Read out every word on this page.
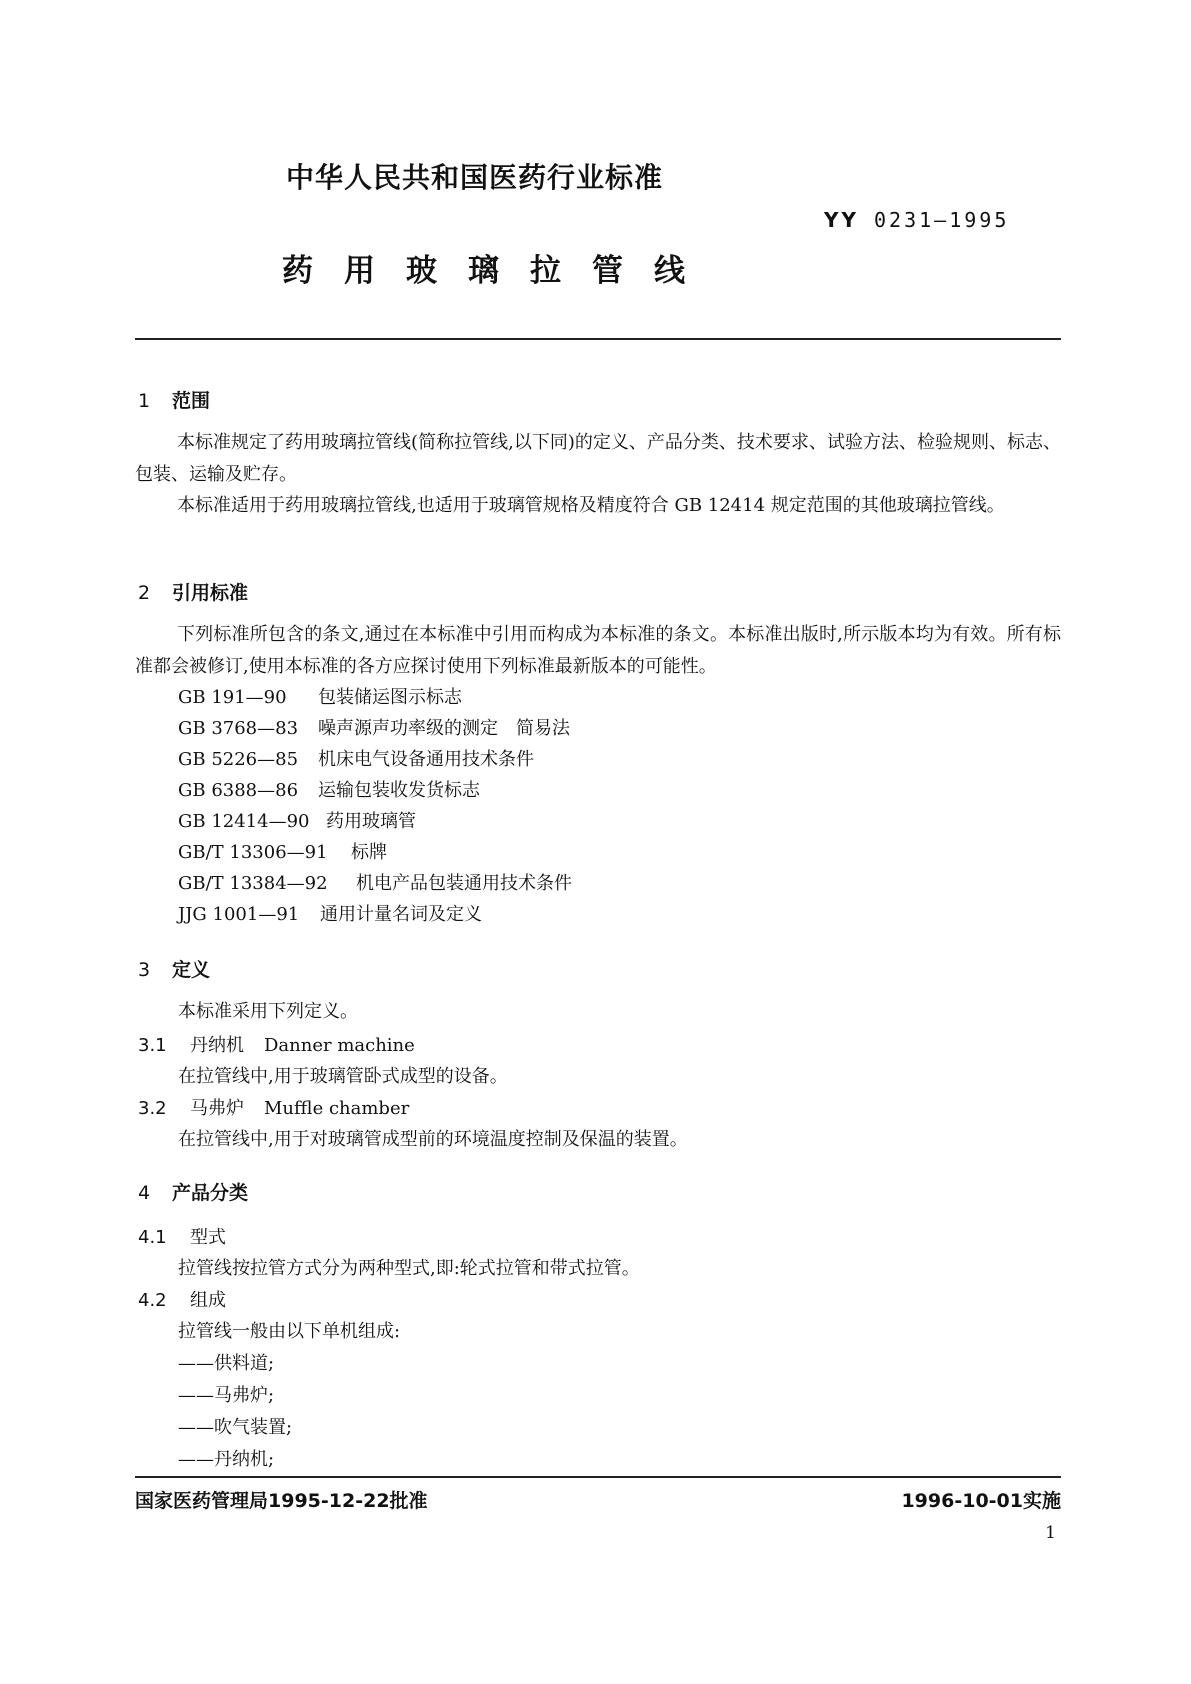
中华人民共和国医药行业标准
YY 0231—1995
药用玻璃拉管线
1 范围
本标准规定了药用玻璃拉管线(简称拉管线,以下同)的定义、产品分类、技术要求、试验方法、检验规则、标志、包装、运输及贮存。
本标准适用于药用玻璃拉管线,也适用于玻璃管规格及精度符合 GB 12414 规定范围的其他玻璃拉管线。
2 引用标准
下列标准所包含的条文,通过在本标准中引用而构成为本标准的条文。本标准出版时,所示版本均为有效。所有标准都会被修订,使用本标准的各方应探讨使用下列标准最新版本的可能性。
GB 191—90 包装储运图示标志
GB 3768—83 噪声源声功率级的测定　简易法
GB 5226—85 机床电气设备通用技术条件
GB 6388—86 运输包装收发货标志
GB 12414—90 药用玻璃管
GB/T 13306—91 标牌
GB/T 13384—92 机电产品包装通用技术条件
JJG 1001—91 通用计量名词及定义
3 定义
本标准采用下列定义。
3.1 丹纳机 Danner machine
在拉管线中,用于玻璃管卧式成型的设备。
3.2 马弗炉 Muffle chamber
在拉管线中,用于对玻璃管成型前的环境温度控制及保温的装置。
4 产品分类
4.1 型式
拉管线按拉管方式分为两种型式,即:轮式拉管和带式拉管。
4.2 组成
拉管线一般由以下单机组成:
——供料道;
——马弗炉;
——吹气装置;
——丹纳机;
国家医药管理局1995-12-22批准	1996-10-01实施
1
